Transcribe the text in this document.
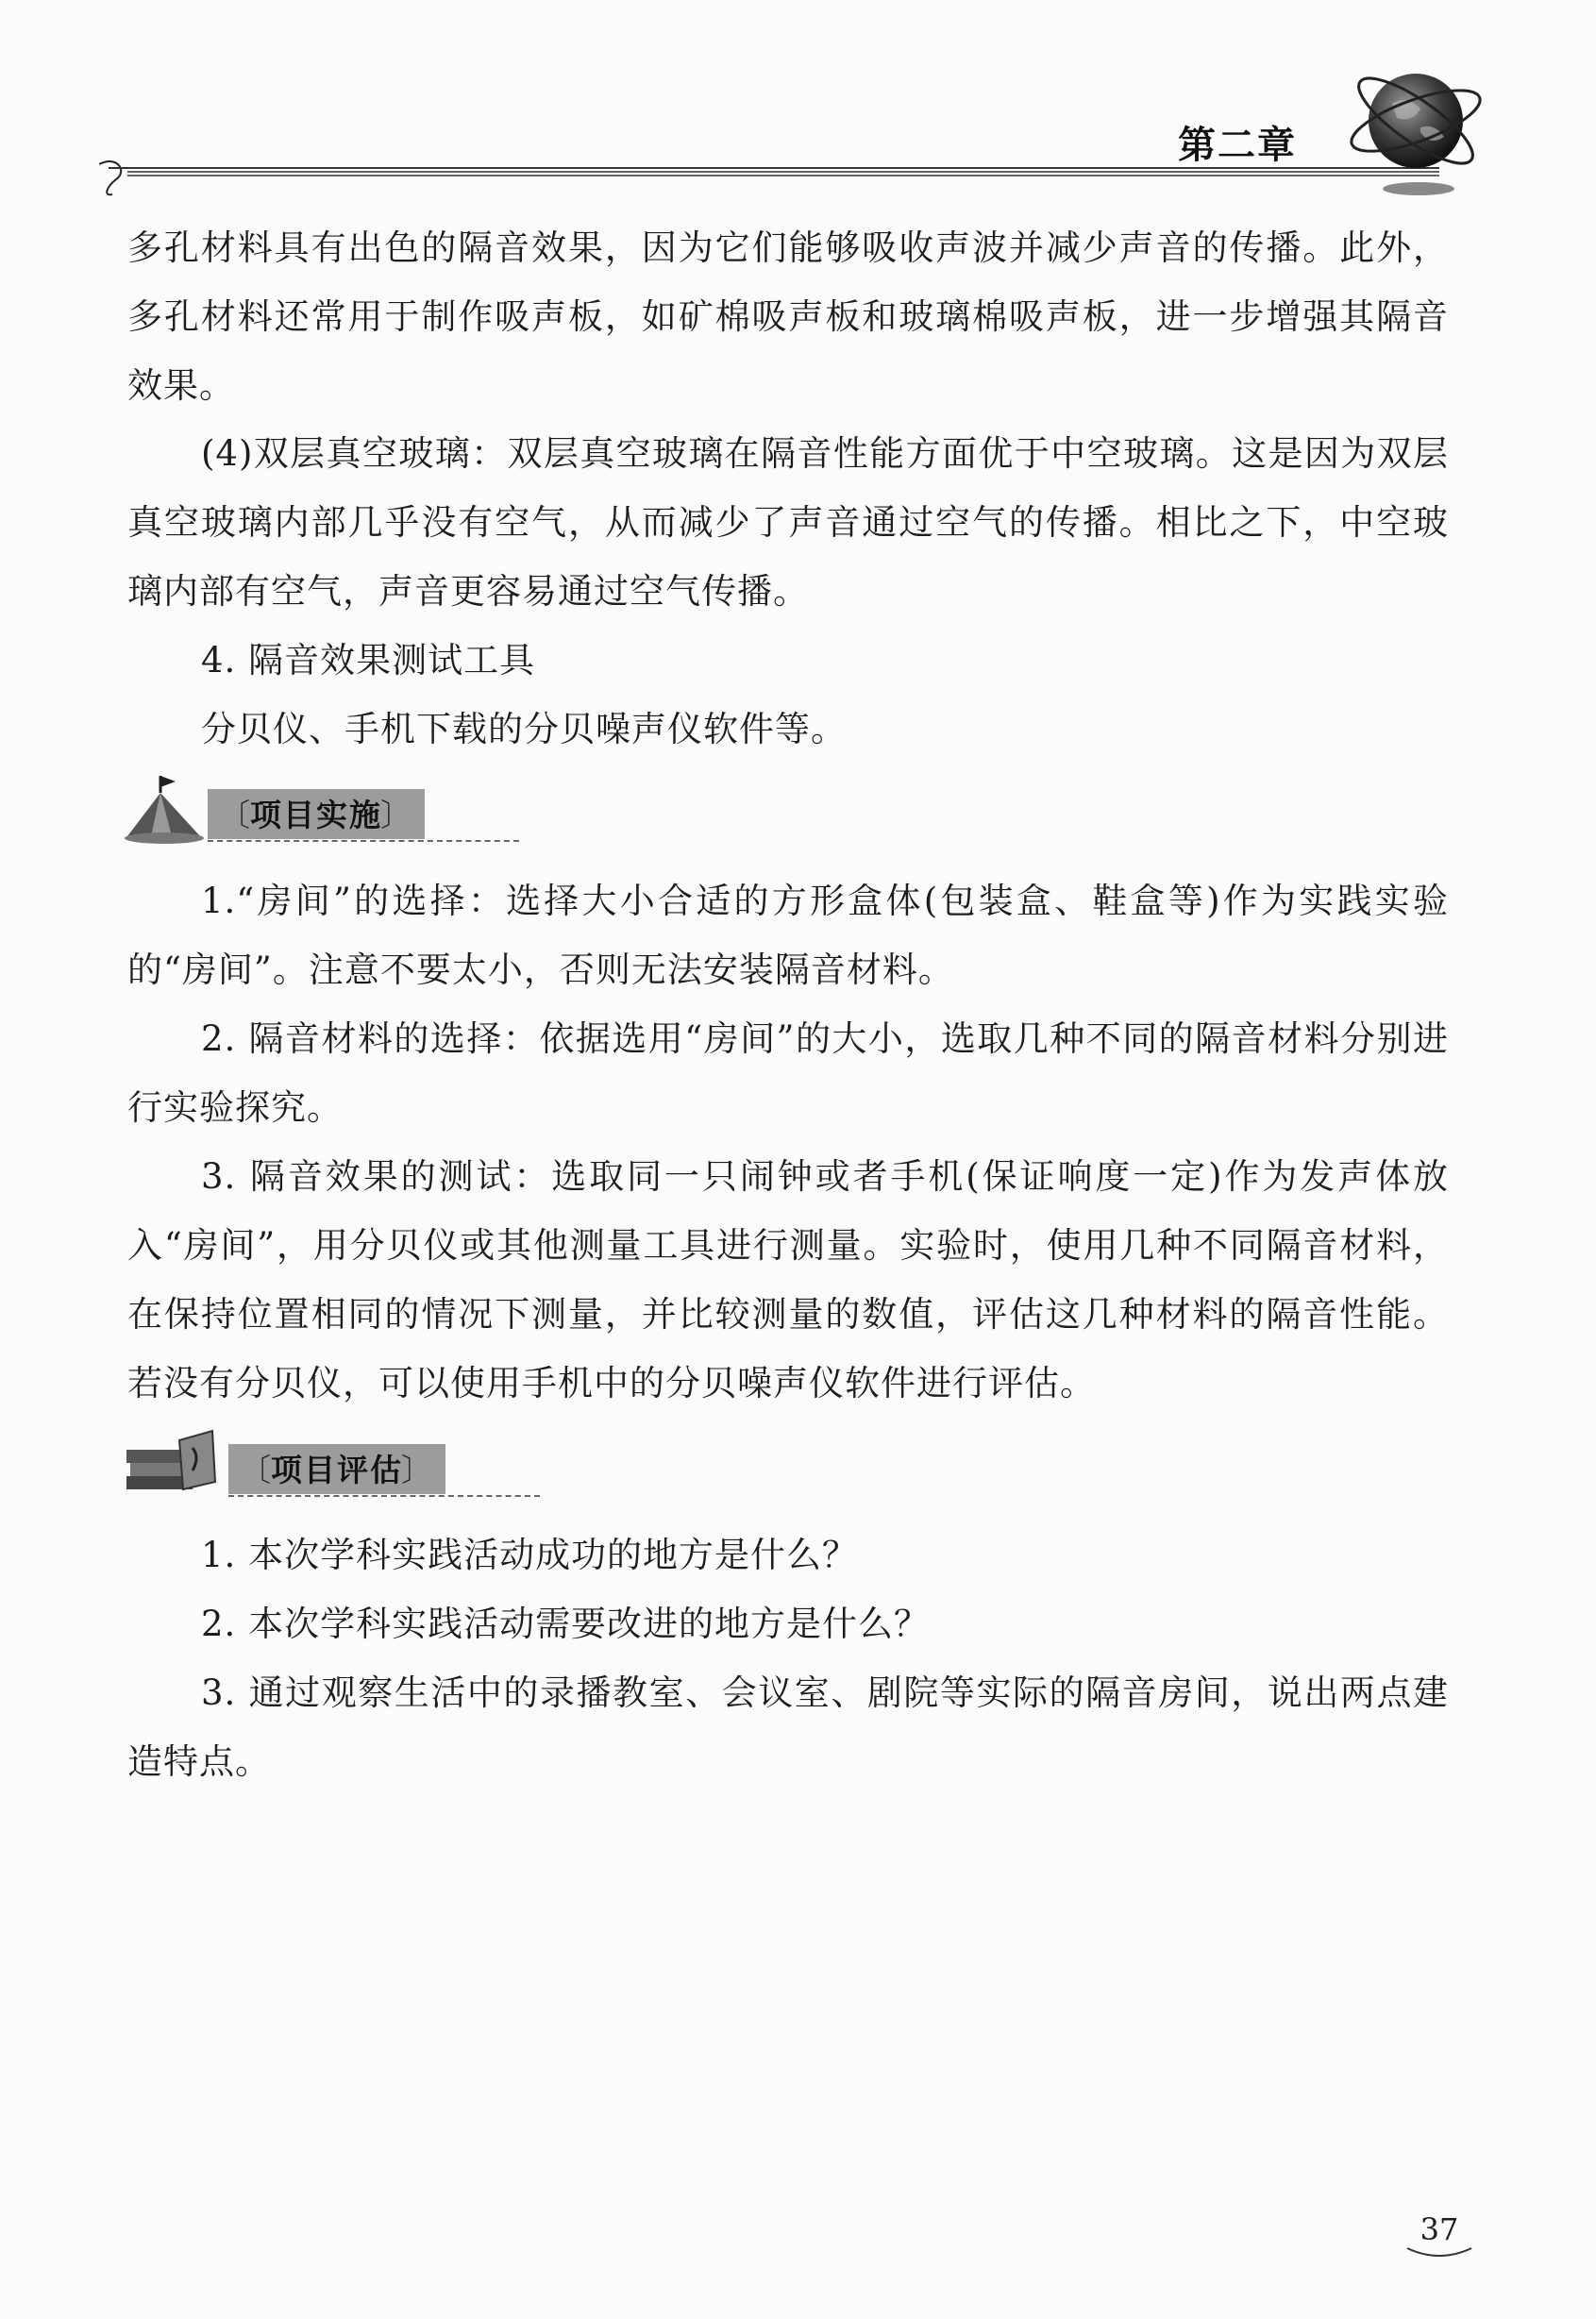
第二章

多孔材料具有出色的隔音效果，因为它们能够吸收声波并减少声音的传播。此外，多孔材料还常用于制作吸声板，如矿棉吸声板和玻璃棉吸声板，进一步增强其隔音效果。

(4)双层真空玻璃：双层真空玻璃在隔音性能方面优于中空玻璃。这是因为双层真空玻璃内部几乎没有空气，从而减少了声音通过空气的传播。相比之下，中空玻璃内部有空气，声音更容易通过空气传播。

4. 隔音效果测试工具

分贝仪、手机下载的分贝噪声仪软件等。

〔 项目实施 〕

1.“房间”的选择：选择大小合适的方形盒体(包装盒、鞋盒等)作为实践实验的“房间”。注意不要太小，否则无法安装隔音材料。

2. 隔音材料的选择：依据选用“房间”的大小，选取几种不同的隔音材料分别进行实验探究。

3. 隔音效果的测试：选取同一只闹钟或者手机(保证响度一定)作为发声体放入“房间”，用分贝仪或其他测量工具进行测量。实验时，使用几种不同隔音材料，在保持位置相同的情况下测量，并比较测量的数值，评估这几种材料的隔音性能。若没有分贝仪，可以使用手机中的分贝噪声仪软件进行评估。

〔 项目评估 〕

1. 本次学科实践活动成功的地方是什么？

2. 本次学科实践活动需要改进的地方是什么？

3. 通过观察生活中的录播教室、会议室、剧院等实际的隔音房间，说出两点建造特点。

37
